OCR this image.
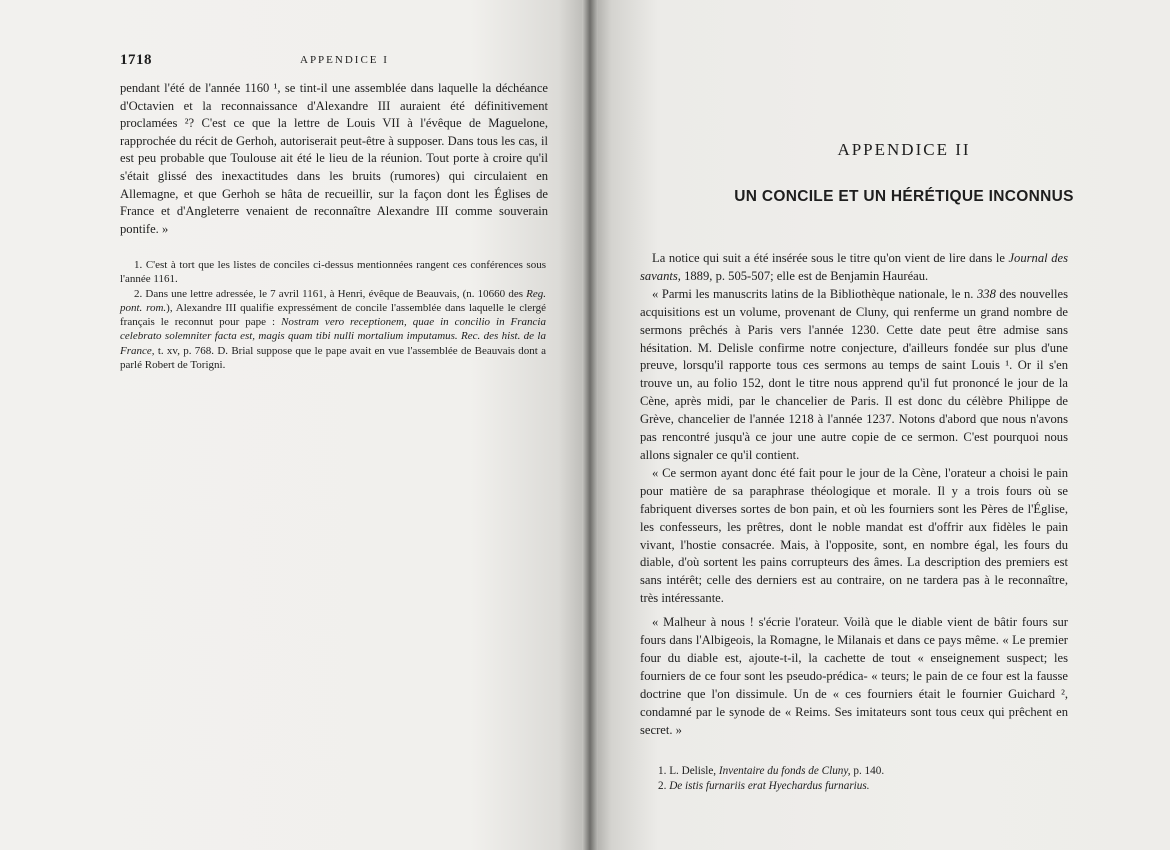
1718	APPENDICE I

pendant l'été de l'année 1160 ¹, se tint-il une assemblée dans laquelle la déchéance d'Octavien et la reconnaissance d'Alexandre III auraient été définitivement proclamées ²? C'est ce que la lettre de Louis VII à l'évêque de Maguelone, rapprochée du récit de Gerhoh, autoriserait peut-être à supposer. Dans tous les cas, il est peu probable que Toulouse ait été le lieu de la réunion. Tout porte à croire qu'il s'était glissé des inexactitudes dans les bruits (rumores) qui circulaient en Allemagne, et que Gerhoh se hâta de recueillir, sur la façon dont les Églises de France et d'Angleterre venaient de reconnaître Alexandre III comme souverain pontife. »

1. C'est à tort que les listes de conciles ci-dessus mentionnées rangent ces conférences sous l'année 1161.

2. Dans une lettre adressée, le 7 avril 1161, à Henri, évêque de Beauvais, (n. 10660 des Reg. pont. rom.), Alexandre III qualifie expressément de concile l'assemblée dans laquelle le clergé français le reconnut pour pape : Nostram vero receptionem, quae in concilio in Francia celebrato solemniter facta est, magis quam tibi nulli mortalium imputamus. Rec. des hist. de la France, t. xv, p. 768. D. Brial suppose que le pape avait en vue l'assemblée de Beauvais dont a parlé Robert de Torigni.

APPENDICE II
UN CONCILE ET UN HÉRÉTIQUE INCONNUS

La notice qui suit a été insérée sous le titre qu'on vient de lire dans le Journal des savants, 1889, p. 505-507; elle est de Benjamin Hauréau.

« Parmi les manuscrits latins de la Bibliothèque nationale, le n. 338 des nouvelles acquisitions est un volume, provenant de Cluny, qui renferme un grand nombre de sermons prêchés à Paris vers l'année 1230. Cette date peut être admise sans hésitation. M. Delisle confirme notre conjecture, d'ailleurs fondée sur plus d'une preuve, lorsqu'il rapporte tous ces sermons au temps de saint Louis ¹. Or il s'en trouve un, au folio 152, dont le titre nous apprend qu'il fut prononcé le jour de la Cène, après midi, par le chancelier de Paris. Il est donc du célèbre Philippe de Grève, chancelier de l'année 1218 à l'année 1237. Notons d'abord que nous n'avons pas rencontré jusqu'à ce jour une autre copie de ce sermon. C'est pourquoi nous allons signaler ce qu'il contient.

« Ce sermon ayant donc été fait pour le jour de la Cène, l'orateur a choisi le pain pour matière de sa paraphrase théologique et morale. Il y a trois fours où se fabriquent diverses sortes de bon pain, et où les fourniers sont les Pères de l'Église, les confesseurs, les prêtres, dont le noble mandat est d'offrir aux fidèles le pain vivant, l'hostie consacrée. Mais, à l'opposite, sont, en nombre égal, les fours du diable, d'où sortent les pains corrupteurs des âmes. La description des premiers est sans intérêt; celle des derniers est au contraire, on ne tardera pas à le reconnaître, très intéressante.

« Malheur à nous ! s'écrie l'orateur. Voilà que le diable vient de bâtir fours sur fours dans l'Albigeois, la Romagne, le Milanais et dans ce pays même. « Le premier four du diable est, ajoute-t-il, la cachette de tout « enseignement suspect; les fourniers de ce four sont les pseudo-prédica- « teurs; le pain de ce four est la fausse doctrine que l'on dissimule. Un de « ces fourniers était le fournier Guichard ², condamné par le synode de « Reims. Ses imitateurs sont tous ceux qui prêchent en secret. »

1. L. Delisle, Inventaire du fonds de Cluny, p. 140.

2. De istis furnariis erat Hyechardus furnarius.
